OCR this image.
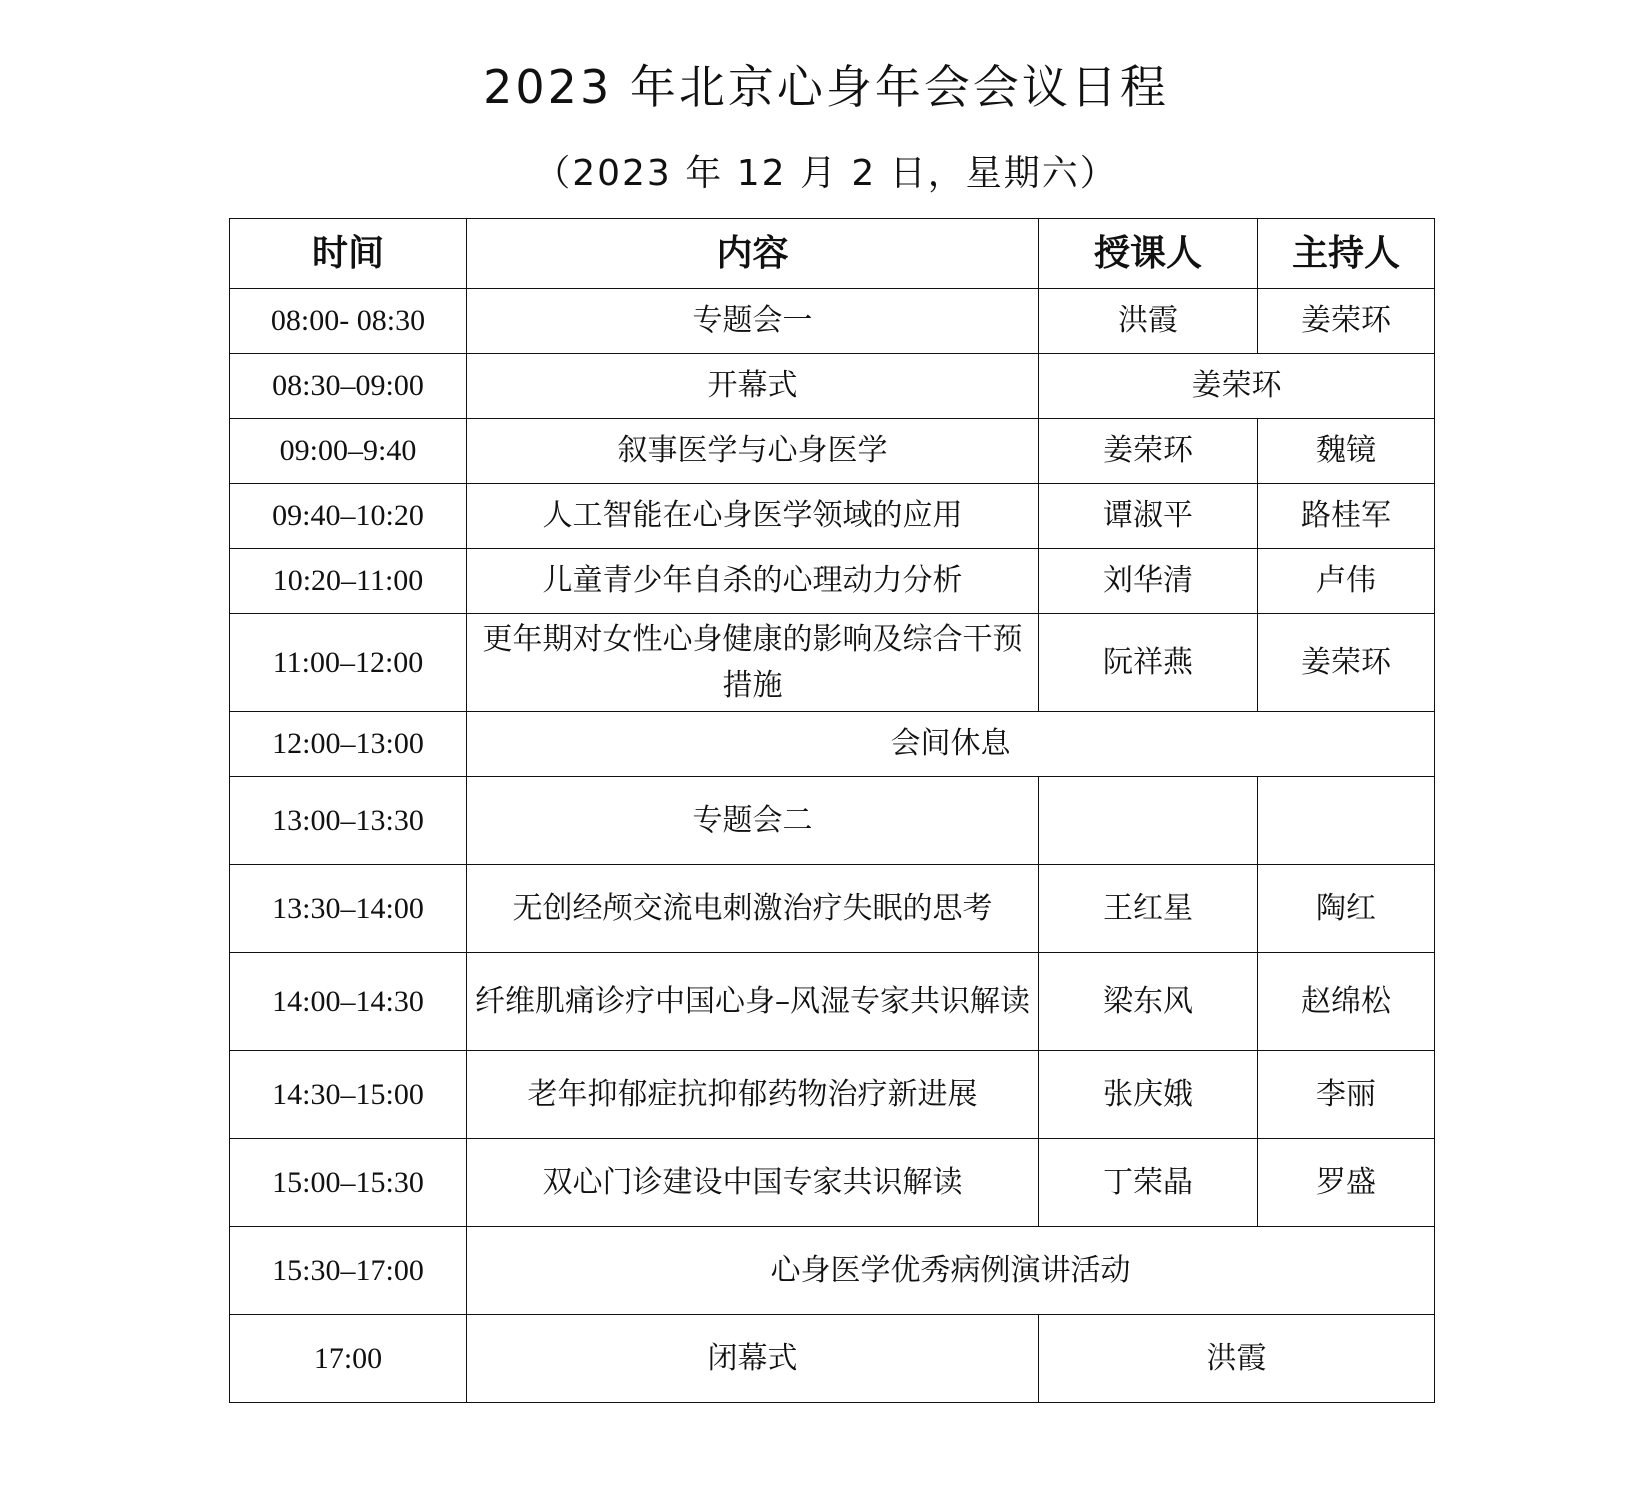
2023 年北京心身年会会议日程
（2023 年 12 月 2 日，星期六）
时间	内容	授课人	主持人
08:00- 08:30	专题会一	洪霞	姜荣环
08:30–09:00	开幕式	姜荣环	
09:00–9:40	叙事医学与心身医学	姜荣环	魏镜
09:40–10:20	人工智能在心身医学领域的应用	谭淑平	路桂军
10:20–11:00	儿童青少年自杀的心理动力分析	刘华清	卢伟
11:00–12:00	更年期对女性心身健康的影响及综合干预措施	阮祥燕	姜荣环
12:00–13:00	会间休息		
13:00–13:30	专题会二		
13:30–14:00	无创经颅交流电刺激治疗失眠的思考	王红星	陶红
14:00–14:30	纤维肌痛诊疗中国心身–风湿专家共识解读	梁东风	赵绵松
14:30–15:00	老年抑郁症抗抑郁药物治疗新进展	张庆娥	李丽
15:00–15:30	双心门诊建设中国专家共识解读	丁荣晶	罗盛
15:30–17:00	心身医学优秀病例演讲活动		
17:00	闭幕式	洪霞	
